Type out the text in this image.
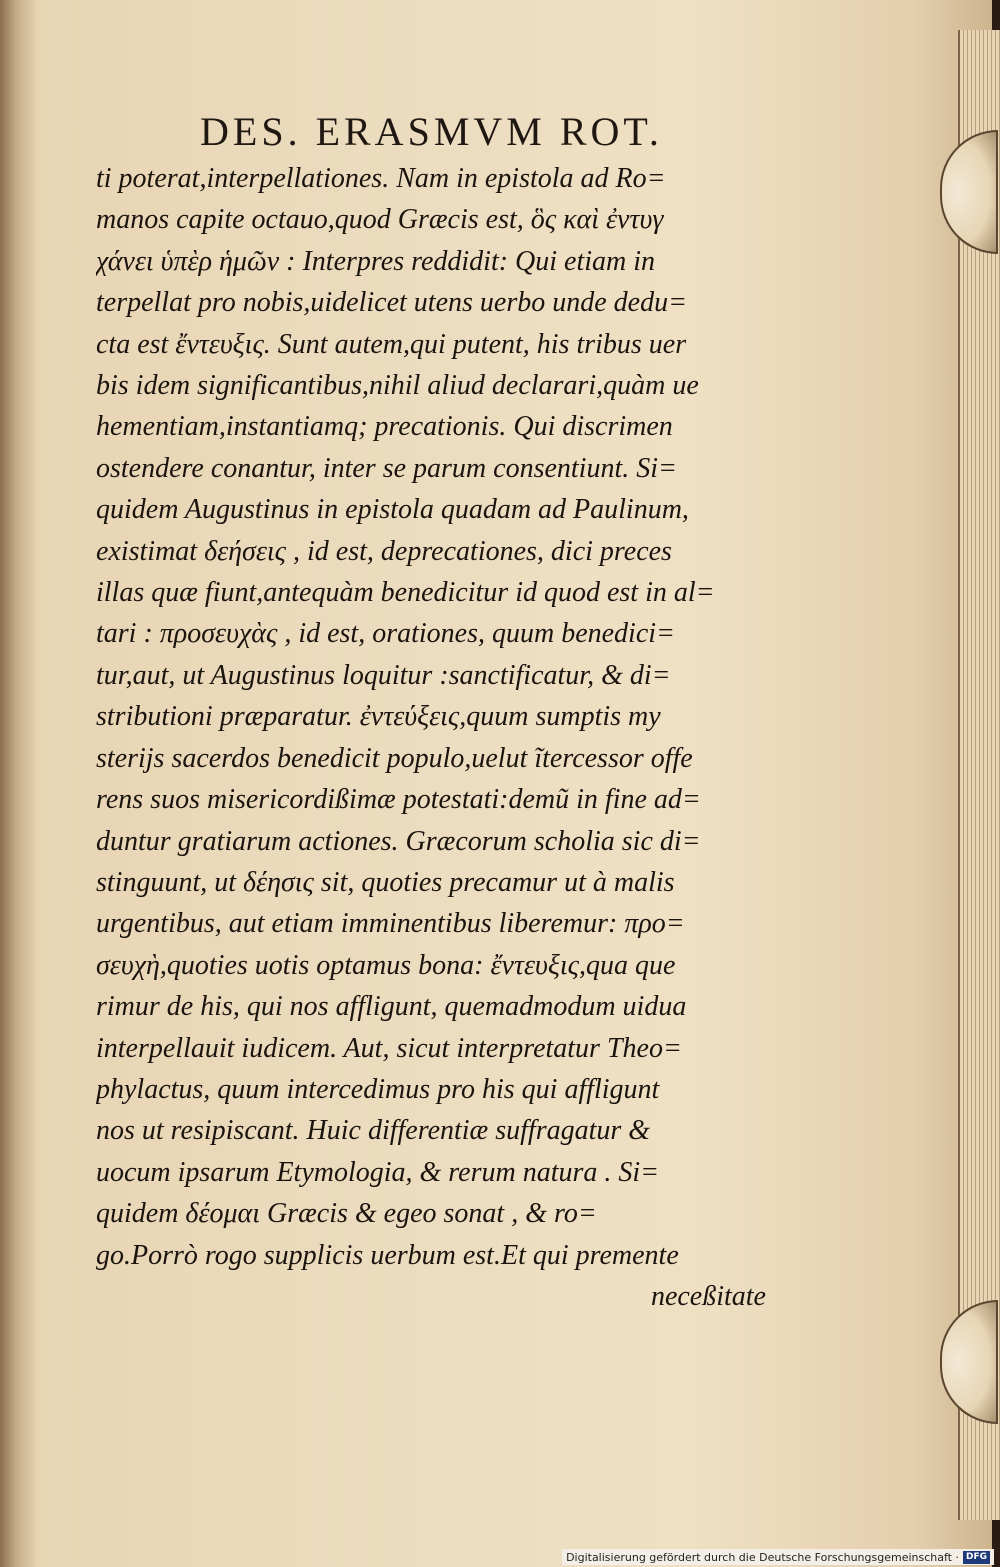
DES. ERASMVM ROT.
ti poterat,interpellationes. Nam in epistola ad Ro=
manos capite octauo,quod Græcis est, ὃς καὶ ἐντυγ
χάνει ὑπὲρ ἡμῶν : Interpres reddidit: Qui etiam in
terpellat pro nobis,uidelicet utens uerbo unde dedu=
cta est ἔντευξις. Sunt autem,qui putent, his tribus uer
bis idem significantibus,nihil aliud declarari,quàm ue
hementiam,instantiamq; precationis. Qui discrimen
ostendere conantur, inter se parum consentiunt. Si=
quidem Augustinus in epistola quadam ad Paulinum,
existimat δεήσεις , id est, deprecationes, dici preces
illas quæ fiunt,antequàm benedicitur id quod est in al=
tari : προσευχὰς , id est, orationes, quum benedici=
tur,aut, ut Augustinus loquitur :sanctificatur, & di=
stributioni præparatur. ἐντεύξεις,quum sumptis my
sterijs sacerdos benedicit populo,uelut ĩtercessor offe
rens suos misericordißimæ potestati:demũ in fine ad=
duntur gratiarum actiones. Græcorum scholia sic di=
stinguunt, ut δέησις sit, quoties precamur ut à malis
urgentibus, aut etiam imminentibus liberemur: προ=
σευχὴ,quoties uotis optamus bona: ἔντευξις,qua que
rimur de his, qui nos affligunt, quemadmodum uidua
interpellauit iudicem. Aut, sicut interpretatur Theo=
phylactus, quum intercedimus pro his qui affligunt
nos ut resipiscant. Huic differentiæ suffragatur &
uocum ipsarum Etymologia, & rerum natura . Si=
quidem δέομαι Græcis & egeo sonat , & ro=
go.Porrò rogo supplicis uerbum est.Et qui premente
neceßitate
Digitalisierung gefördert durch die Deutsche Forschungsgemeinschaft · DFG
